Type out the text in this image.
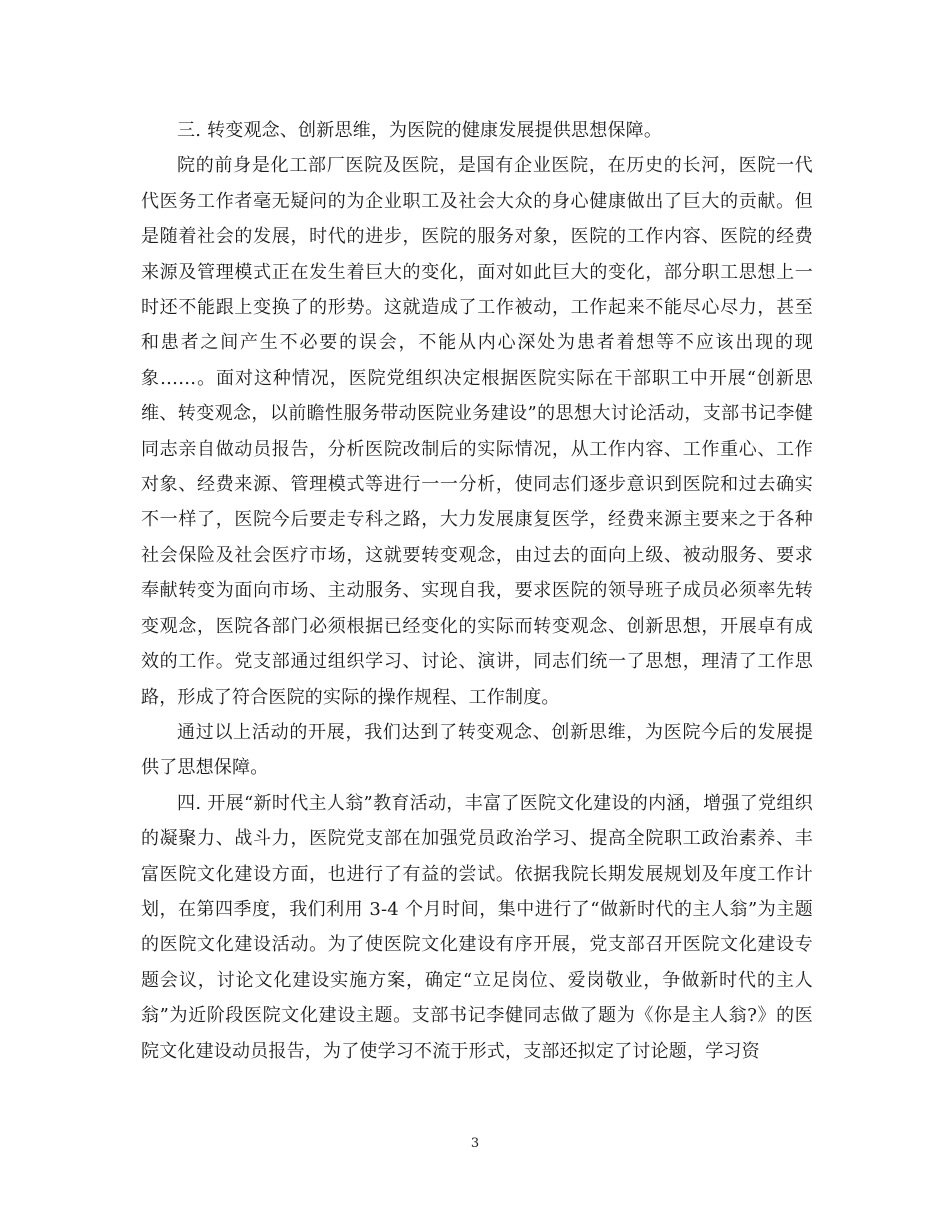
三. 转变观念、创新思维，为医院的健康发展提供思想保障。

院的前身是化工部厂医院及医院，是国有企业医院，在历史的长河，医院一代代医务工作者毫无疑问的为企业职工及社会大众的身心健康做出了巨大的贡献。但是随着社会的发展，时代的进步，医院的服务对象，医院的工作内容、医院的经费来源及管理模式正在发生着巨大的变化，面对如此巨大的变化，部分职工思想上一时还不能跟上变换了的形势。这就造成了工作被动，工作起来不能尽心尽力，甚至和患者之间产生不必要的误会，不能从内心深处为患者着想等不应该出现的现象……。面对这种情况，医院党组织决定根据医院实际在干部职工中开展“创新思维、转变观念，以前瞻性服务带动医院业务建设”的思想大讨论活动，支部书记李健同志亲自做动员报告，分析医院改制后的实际情况，从工作内容、工作重心、工作对象、经费来源、管理模式等进行一一分析，使同志们逐步意识到医院和过去确实不一样了，医院今后要走专科之路，大力发展康复医学，经费来源主要来之于各种社会保险及社会医疗市场，这就要转变观念，由过去的面向上级、被动服务、要求奉献转变为面向市场、主动服务、实现自我，要求医院的领导班子成员必须率先转变观念，医院各部门必须根据已经变化的实际而转变观念、创新思想，开展卓有成效的工作。党支部通过组织学习、讨论、演讲，同志们统一了思想，理清了工作思路，形成了符合医院的实际的操作规程、工作制度。

通过以上活动的开展，我们达到了转变观念、创新思维，为医院今后的发展提供了思想保障。

四. 开展“新时代主人翁”教育活动，丰富了医院文化建设的内涵，增强了党组织的凝聚力、战斗力，医院党支部在加强党员政治学习、提高全院职工政治素养、丰富医院文化建设方面，也进行了有益的尝试。依据我院长期发展规划及年度工作计划，在第四季度，我们利用 3-4 个月时间，集中进行了“做新时代的主人翁”为主题的医院文化建设活动。为了使医院文化建设有序开展，党支部召开医院文化建设专题会议，讨论文化建设实施方案，确定“立足岗位、爱岗敬业，争做新时代的主人翁”为近阶段医院文化建设主题。支部书记李健同志做了题为《你是主人翁?》的医院文化建设动员报告，为了使学习不流于形式，支部还拟定了讨论题，学习资

3
